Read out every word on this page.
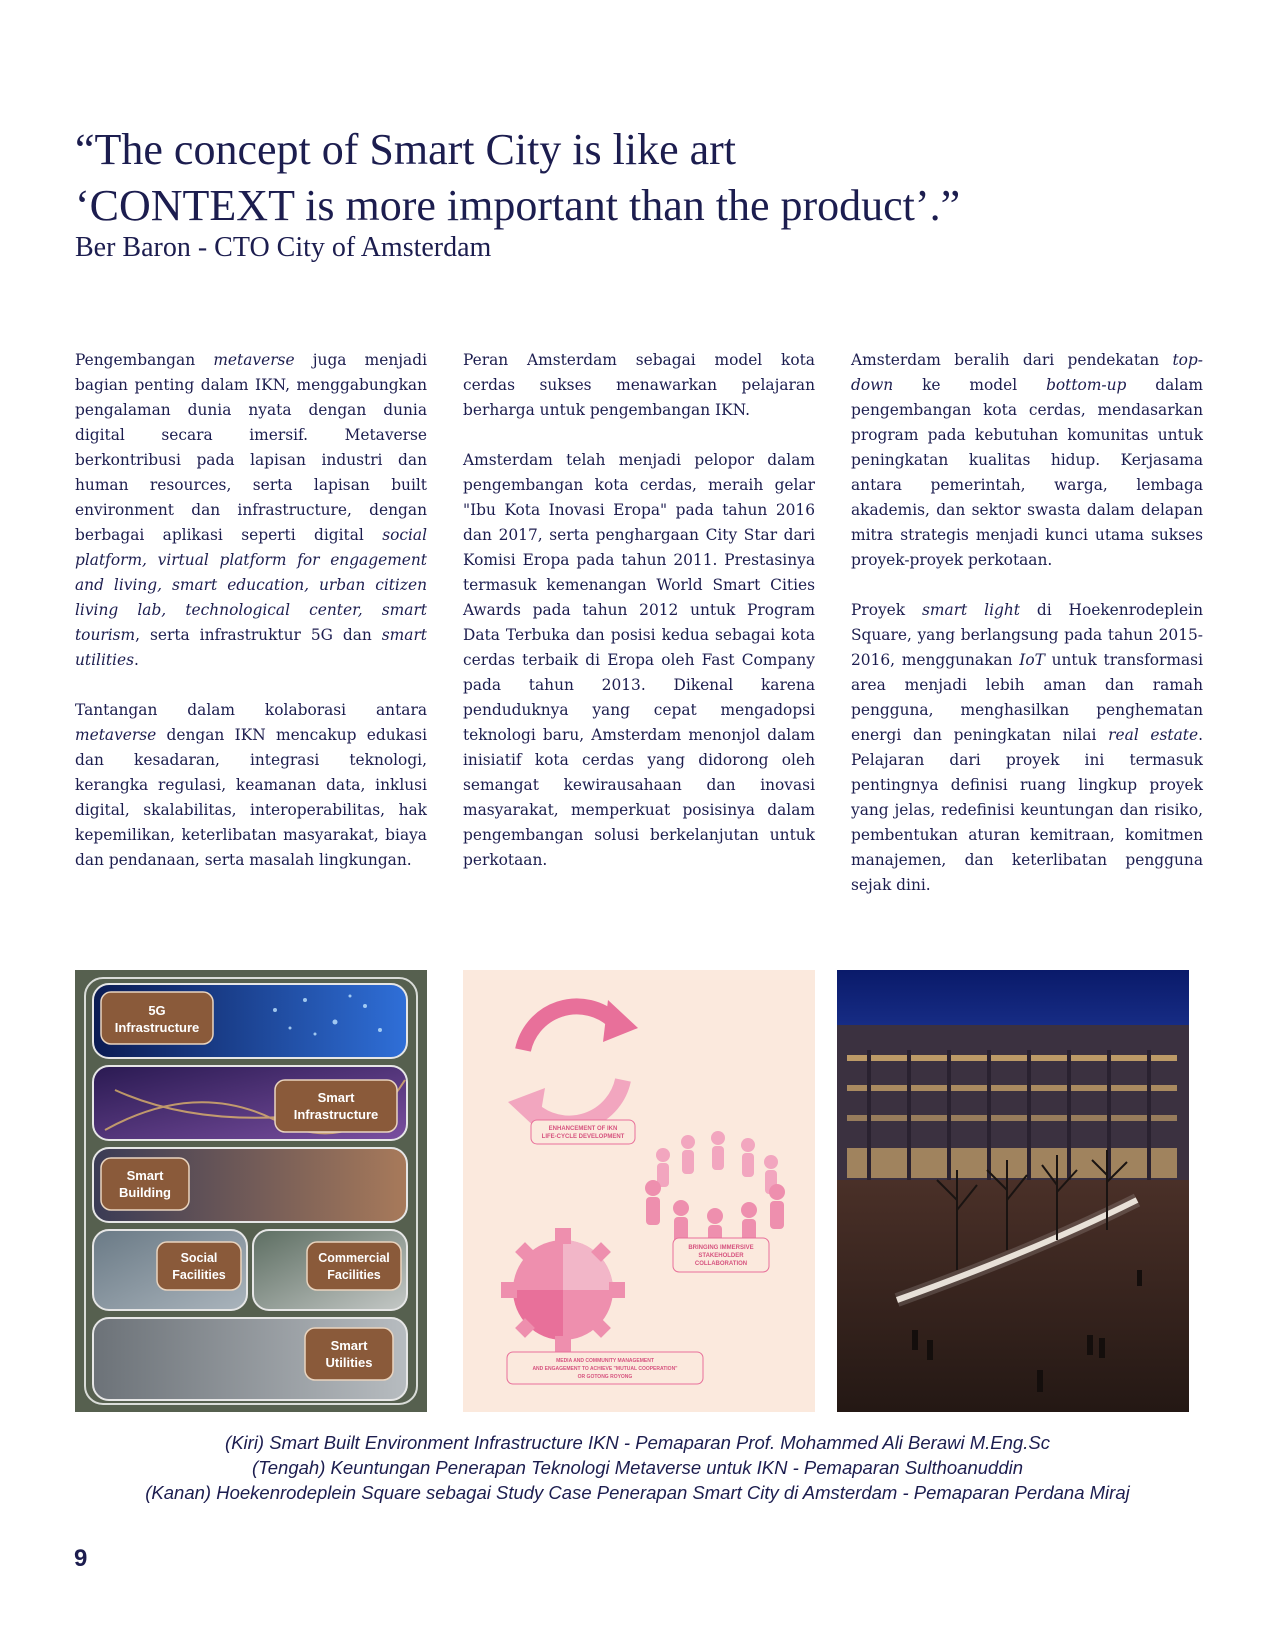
“The concept of Smart City is like art
‘CONTEXT is more important than the product’.”
Ber Baron - CTO City of Amsterdam

Pengembangan metaverse juga menjadi bagian penting dalam IKN, menggabungkan pengalaman dunia nyata dengan dunia digital secara imersif. Metaverse berkontribusi pada lapisan industri dan human resources, serta lapisan built environment dan infrastructure, dengan berbagai aplikasi seperti digital social platform, virtual platform for engagement and living, smart education, urban citizen living lab, technological center, smart tourism, serta infrastruktur 5G dan smart utilities.

Tantangan dalam kolaborasi antara metaverse dengan IKN mencakup edukasi dan kesadaran, integrasi teknologi, kerangka regulasi, keamanan data, inklusi digital, skalabilitas, interoperabilitas, hak kepemilikan, keterlibatan masyarakat, biaya dan pendanaan, serta masalah lingkungan.

Peran Amsterdam sebagai model kota cerdas sukses menawarkan pelajaran berharga untuk pengembangan IKN.

Amsterdam telah menjadi pelopor dalam pengembangan kota cerdas, meraih gelar "Ibu Kota Inovasi Eropa" pada tahun 2016 dan 2017, serta penghargaan City Star dari Komisi Eropa pada tahun 2011. Prestasinya termasuk kemenangan World Smart Cities Awards pada tahun 2012 untuk Program Data Terbuka dan posisi kedua sebagai kota cerdas terbaik di Eropa oleh Fast Company pada tahun 2013. Dikenal karena penduduknya yang cepat mengadopsi teknologi baru, Amsterdam menonjol dalam inisiatif kota cerdas yang didorong oleh semangat kewirausahaan dan inovasi masyarakat, memperkuat posisinya dalam pengembangan solusi berkelanjutan untuk perkotaan.

Amsterdam beralih dari pendekatan top-down ke model bottom-up dalam pengembangan kota cerdas, mendasarkan program pada kebutuhan komunitas untuk peningkatan kualitas hidup. Kerjasama antara pemerintah, warga, lembaga akademis, dan sektor swasta dalam delapan mitra strategis menjadi kunci utama sukses proyek-proyek perkotaan.

Proyek smart light di Hoekenrodeplein Square, yang berlangsung pada tahun 2015-2016, menggunakan IoT untuk transformasi area menjadi lebih aman dan ramah pengguna, menghasilkan penghematan energi dan peningkatan nilai real estate. Pelajaran dari proyek ini termasuk pentingnya definisi ruang lingkup proyek yang jelas, redefinisi keuntungan dan risiko, pembentukan aturan kemitraan, komitmen manajemen, dan keterlibatan pengguna sejak dini.

5G
Infrastructure
Smart
Infrastructure
Smart
Building
Social
Facilities
Commercial
Facilities
Smart
Utilities
ENHANCEMENT OF IKN
LIFE-CYCLE DEVELOPMENT
BRINGING IMMERSIVE
STAKEHOLDER
COLLABORATION
MEDIA AND COMMUNITY MANAGEMENT
AND ENGAGEMENT TO ACHIEVE "MUTUAL COOPERATION"
OR GOTONG ROYONG
(Kiri) Smart Built Environment Infrastructure IKN - Pemaparan Prof. Mohammed Ali Berawi M.Eng.Sc
(Tengah) Keuntungan Penerapan Teknologi Metaverse untuk IKN - Pemaparan Sulthoanuddin
(Kanan) Hoekenrodeplein Square sebagai Study Case Penerapan Smart City di Amsterdam - Pemaparan Perdana Miraj
9
